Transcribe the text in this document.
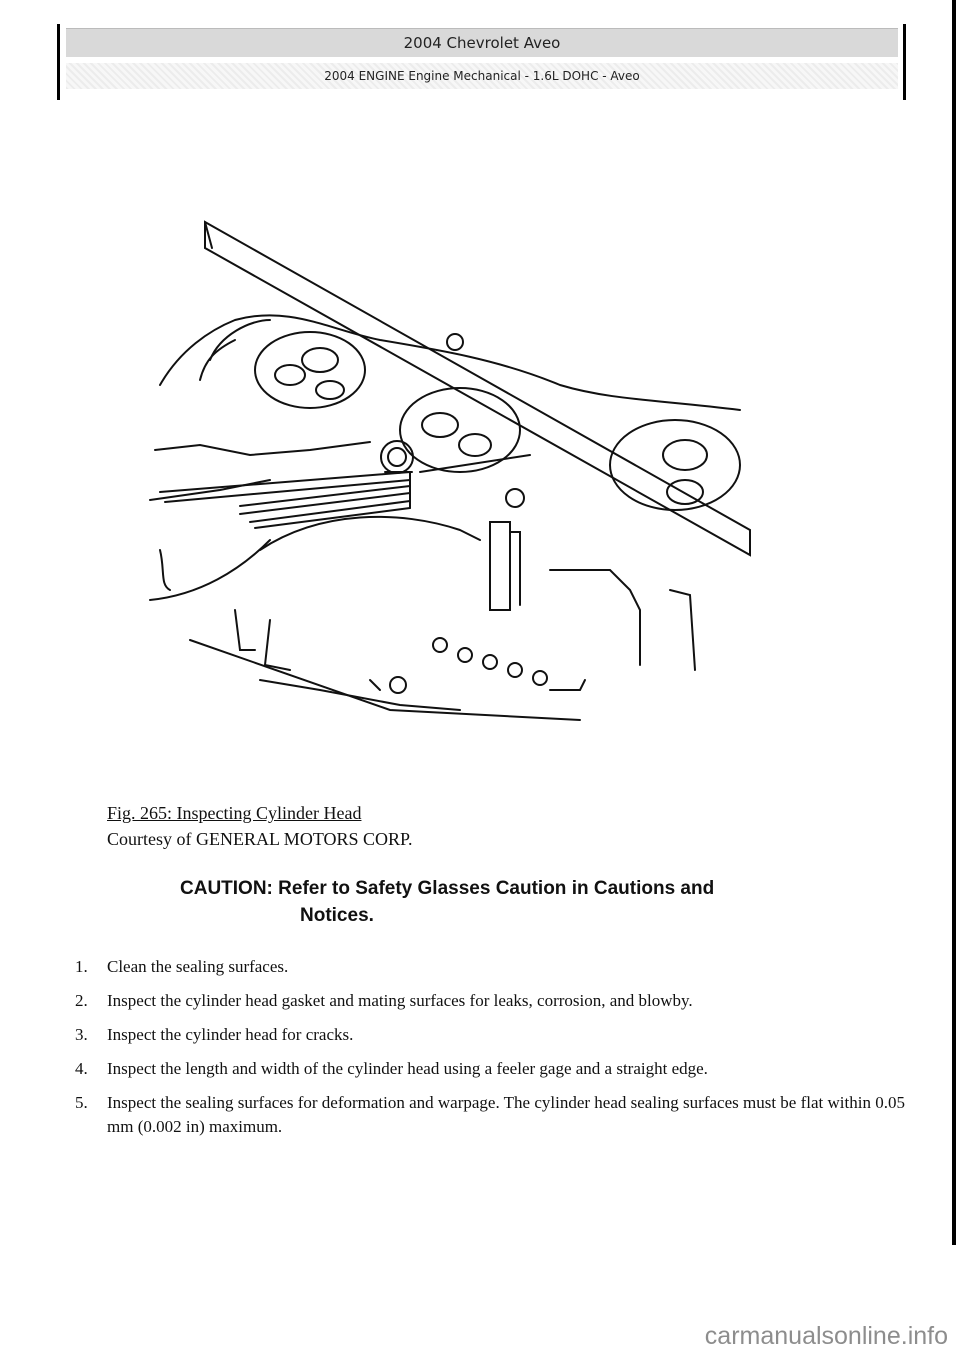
2004 Chevrolet Aveo
2004 ENGINE Engine Mechanical - 1.6L DOHC - Aveo
Fig. 265: Inspecting Cylinder Head
Courtesy of GENERAL MOTORS CORP.
CAUTION: Refer to Safety Glasses Caution in Cautions and
Notices.
1.	Clean the sealing surfaces.
2.	Inspect the cylinder head gasket and mating surfaces for leaks, corrosion, and blowby.
3.	Inspect the cylinder head for cracks.
4.	Inspect the length and width of the cylinder head using a feeler gage and a straight edge.
5.	Inspect the sealing surfaces for deformation and warpage. The cylinder head sealing surfaces must be flat within 0.05 mm (0.002 in) maximum.
carmanualsonline.info
